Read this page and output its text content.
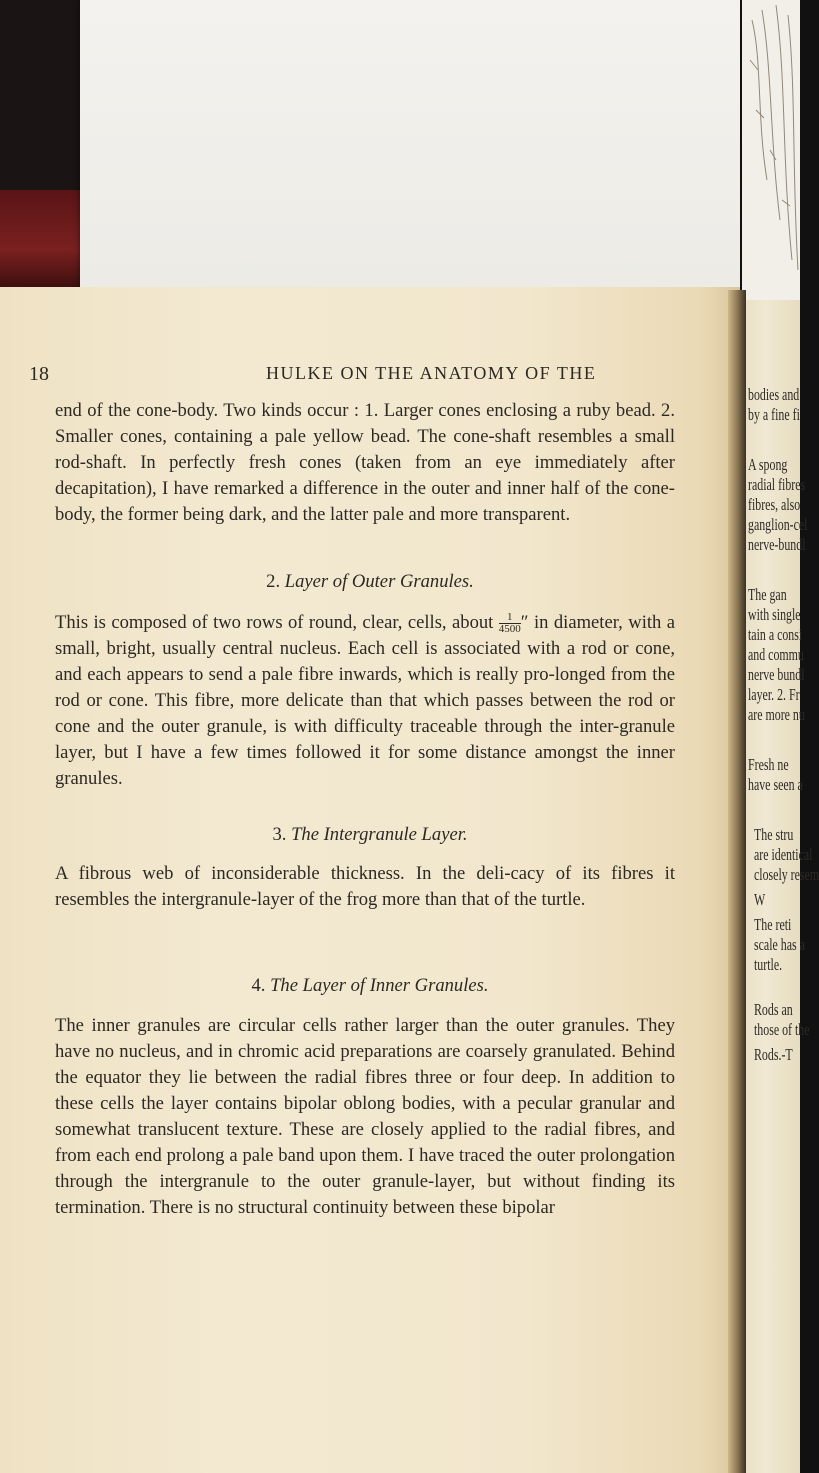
bodies and
by a fine fi
A spong
radial fibres
fibres, also
ganglion-cel
nerve-bundl
The gan
with single
tain a consi
and commu
nerve bundl
layer. 2. Fr
are more nu
Fresh ne
have seen a
The stru
are identical
closely resem
W
The reti
scale has a
turtle.
Rods an
those of the
Rods.-T
18	HULKE ON THE ANATOMY OF THE

end of the cone-body. Two kinds occur : 1. Larger cones enclosing a ruby bead. 2. Smaller cones, containing a pale yellow bead. The cone-shaft resembles a small rod-shaft. In perfectly fresh cones (taken from an eye immediately after decapitation), I have remarked a difference in the outer and inner half of the cone-body, the former being dark, and the latter pale and more transparent.

2. Layer of Outer Granules.

This is composed of two rows of round, clear, cells, about $\frac{1}{4500}$ ″ in diameter, with a small, bright, usually central nucleus. Each cell is associated with a rod or cone, and each appears to send a pale fibre inwards, which is really pro-longed from the rod or cone. This fibre, more delicate than that which passes between the rod or cone and the outer granule, is with difficulty traceable through the inter-granule layer, but I have a few times followed it for some distance amongst the inner granules.

3. The Intergranule Layer.

A fibrous web of inconsiderable thickness. In the deli-cacy of its fibres it resembles the intergranule-layer of the frog more than that of the turtle.

4. The Layer of Inner Granules.

The inner granules are circular cells rather larger than the outer granules. They have no nucleus, and in chromic acid preparations are coarsely granulated. Behind the equator they lie between the radial fibres three or four deep. In addition to these cells the layer contains bipolar oblong bodies, with a pecular granular and somewhat translucent texture. These are closely applied to the radial fibres, and from each end prolong a pale band upon them. I have traced the outer prolongation through the intergranule to the outer granule-layer, but without finding its termination. There is no structural continuity between these bipolar
